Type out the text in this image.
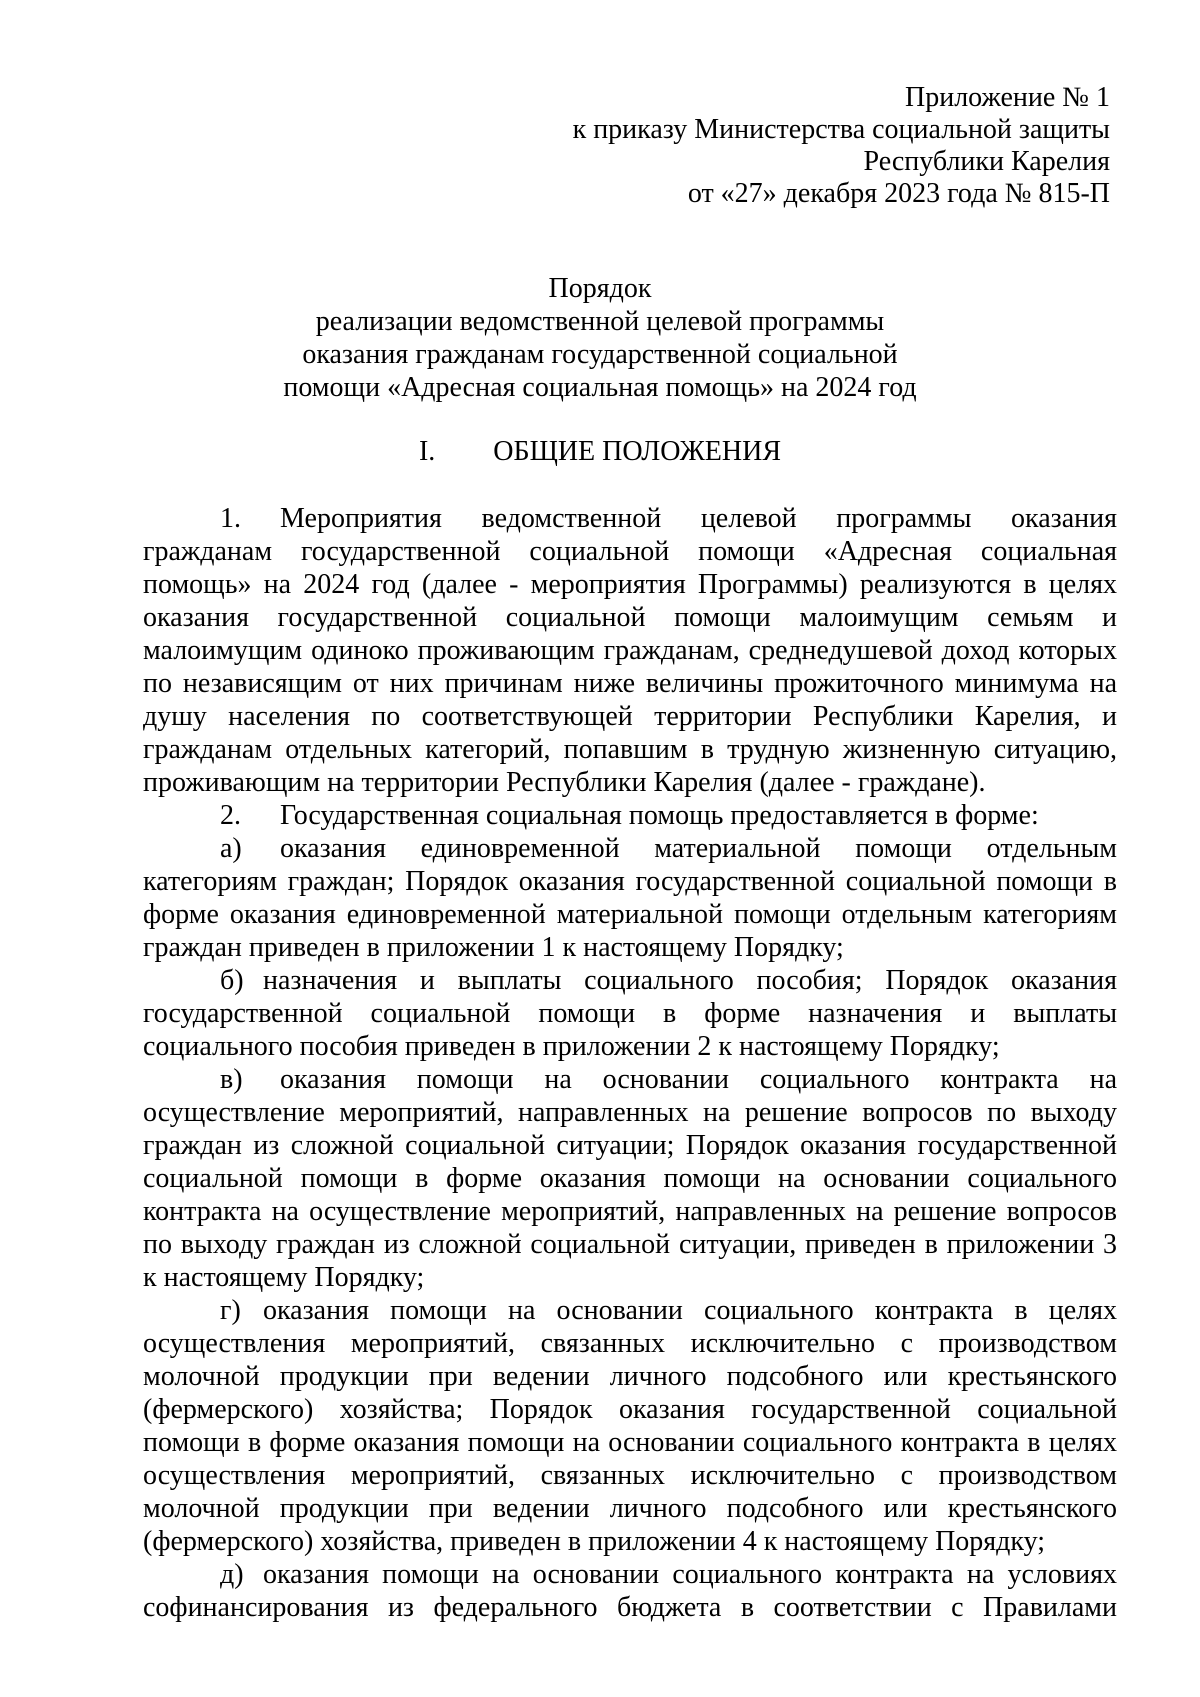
Приложение № 1
к приказу Министерства социальной защиты
Республики Карелия
от «27» декабря 2023 года № 815-П
Порядок
реализации ведомственной целевой программы
оказания гражданам государственной социальной
помощи «Адресная социальная помощь» на 2024 год
I. ОБЩИЕ ПОЛОЖЕНИЯ

1. Мероприятия ведомственной целевой программы оказания гражданам государственной социальной помощи «Адресная социальная помощь» на 2024 год (далее - мероприятия Программы) реализуются в целях оказания государственной социальной помощи малоимущим семьям и малоимущим одиноко проживающим гражданам, среднедушевой доход которых по независящим от них причинам ниже величины прожиточного минимума на душу населения по соответствующей территории Республики Карелия, и гражданам отдельных категорий, попавшим в трудную жизненную ситуацию, проживающим на территории Республики Карелия (далее - граждане).

2. Государственная социальная помощь предоставляется в форме:

а) оказания единовременной материальной помощи отдельным категориям граждан; Порядок оказания государственной социальной помощи в форме оказания единовременной материальной помощи отдельным категориям граждан приведен в приложении 1 к настоящему Порядку;

б) назначения и выплаты социального пособия; Порядок оказания государственной социальной помощи в форме назначения и выплаты социального пособия приведен в приложении 2 к настоящему Порядку;

в) оказания помощи на основании социального контракта на осуществление мероприятий, направленных на решение вопросов по выходу граждан из сложной социальной ситуации; Порядок оказания государственной социальной помощи в форме оказания помощи на основании социального контракта на осуществление мероприятий, направленных на решение вопросов по выходу граждан из сложной социальной ситуации, приведен в приложении 3 к настоящему Порядку;

г) оказания помощи на основании социального контракта в целях осуществления мероприятий, связанных исключительно с производством молочной продукции при ведении личного подсобного или крестьянского (фермерского) хозяйства; Порядок оказания государственной социальной помощи в форме оказания помощи на основании социального контракта в целях осуществления мероприятий, связанных исключительно с производством молочной продукции при ведении личного подсобного или крестьянского (фермерского) хозяйства, приведен в приложении 4 к настоящему Порядку;

д) оказания помощи на основании социального контракта на условиях софинансирования из федерального бюджета в соответствии с Правилами
